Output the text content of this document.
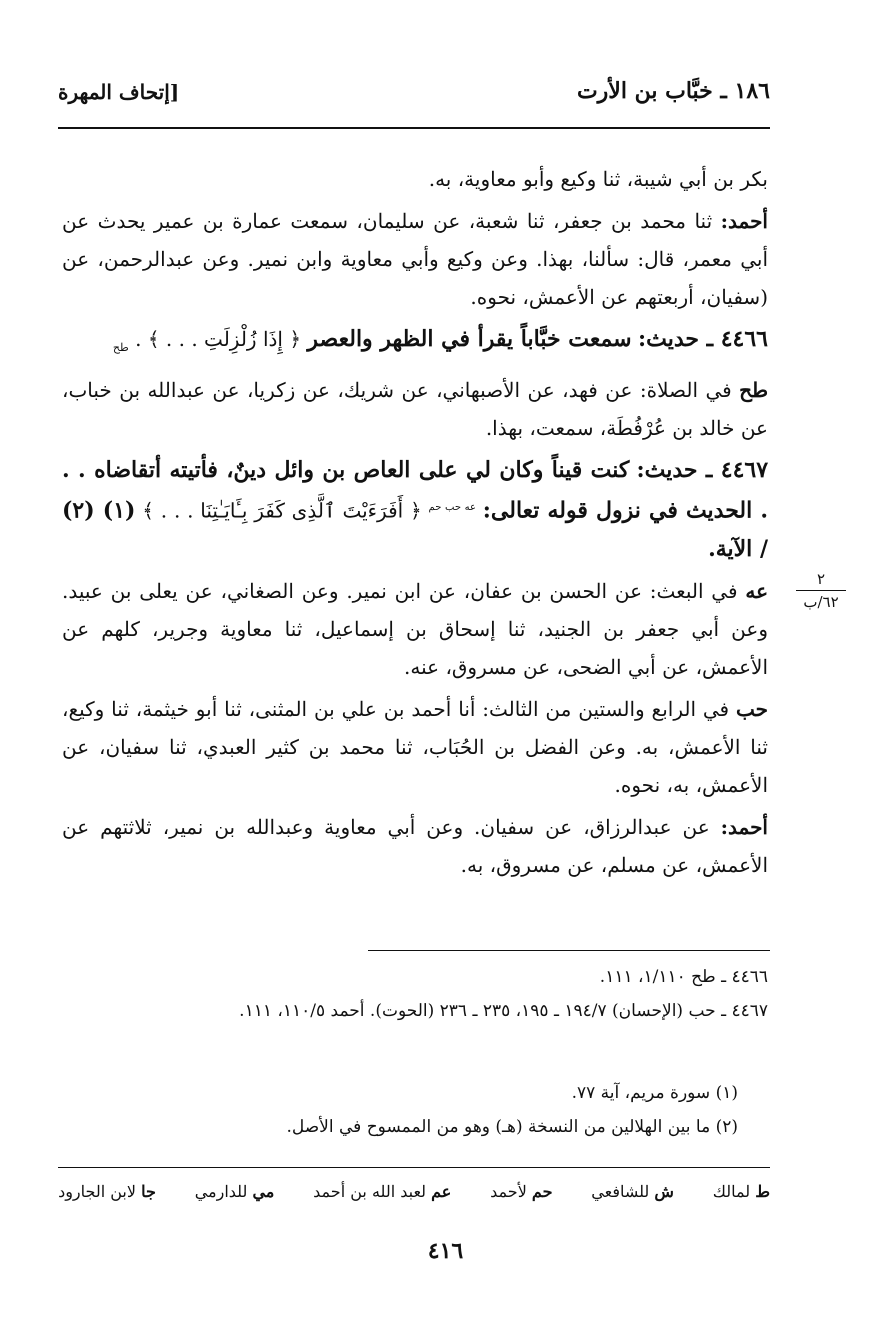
١٨٦ ـ خبَّاب بن الأرت
[إتحاف المهرة

بكر بن أبي شيبة، ثنا وكيع وأبو معاوية، به.

أحمد: ثنا محمد بن جعفر، ثنا شعبة، عن سليمان، سمعت عمارة بن عمير يحدث عن أبي معمر، قال: سألنا، بهذا. وعن وكيع وأبي معاوية وابن نمير. وعن عبدالرحمن، عن (سفيان، أربعتهم عن الأعمش، نحوه.

٤٤٦٦ ـ حديث: سمعت خبَّاباً يقرأ في الظهر والعصر ﴿ إِذَا زُلْزِلَتِ . . . ﴾ . $_{طح}$

طح في الصلاة: عن فهد، عن الأصبهاني، عن شريك، عن زكريا، عن عبدالله بن خباب، عن خالد بن عُرْفُطَة، سمعت، بهذا.

٤٤٦٧ ـ حديث: كنت قيناً وكان لي على العاص بن وائل دينٌ، فأتيته أتقاضاه . . . الحديث في نزول قوله تعالى: $^{عه حب حم}$ ﴿ أَفَرَءَيْتَ ٱلَّذِى كَفَرَ بِـَٔايَـٰتِنَا . . . ﴾ (١) (٢) / الآية.

عه في البعث: عن الحسن بن عفان، عن ابن نمير. وعن الصغاني، عن يعلى بن عبيد. وعن أبي جعفر بن الجنيد، ثنا إسحاق بن إسماعيل، ثنا معاوية وجرير، كلهم عن الأعمش، عن أبي الضحى، عن مسروق، عنه.

حب في الرابع والستين من الثالث: أنا أحمد بن علي بن المثنى، ثنا أبو خيثمة، ثنا وكيع، ثنا الأعمش، به. وعن الفضل بن الحُبَاب، ثنا محمد بن كثير العبدي، ثنا سفيان، عن الأعمش، به، نحوه.

أحمد: عن عبدالرزاق، عن سفيان. وعن أبي معاوية وعبدالله بن نمير، ثلاثتهم عن الأعمش، عن مسلم، عن مسروق، به.

٢
٦٢/ب
٤٤٦٦ ـ طح ١/١١٠، ١١١.
٤٤٦٧ ـ حب (الإحسان) ١٩٤/٧ ـ ١٩٥، ٢٣٥ ـ ٢٣٦ (الحوت). أحمد ١١٠/٥، ١١١.
(١) سورة مريم، آية ٧٧.
(٢) ما بين الهلالين من النسخة (هـ) وهو من الممسوح في الأصل.
ط لمالك
ش للشافعي
حم لأحمد
عم لعبد الله بن أحمد
مي للدارمي
جا لابن الجارود
٤١٦
